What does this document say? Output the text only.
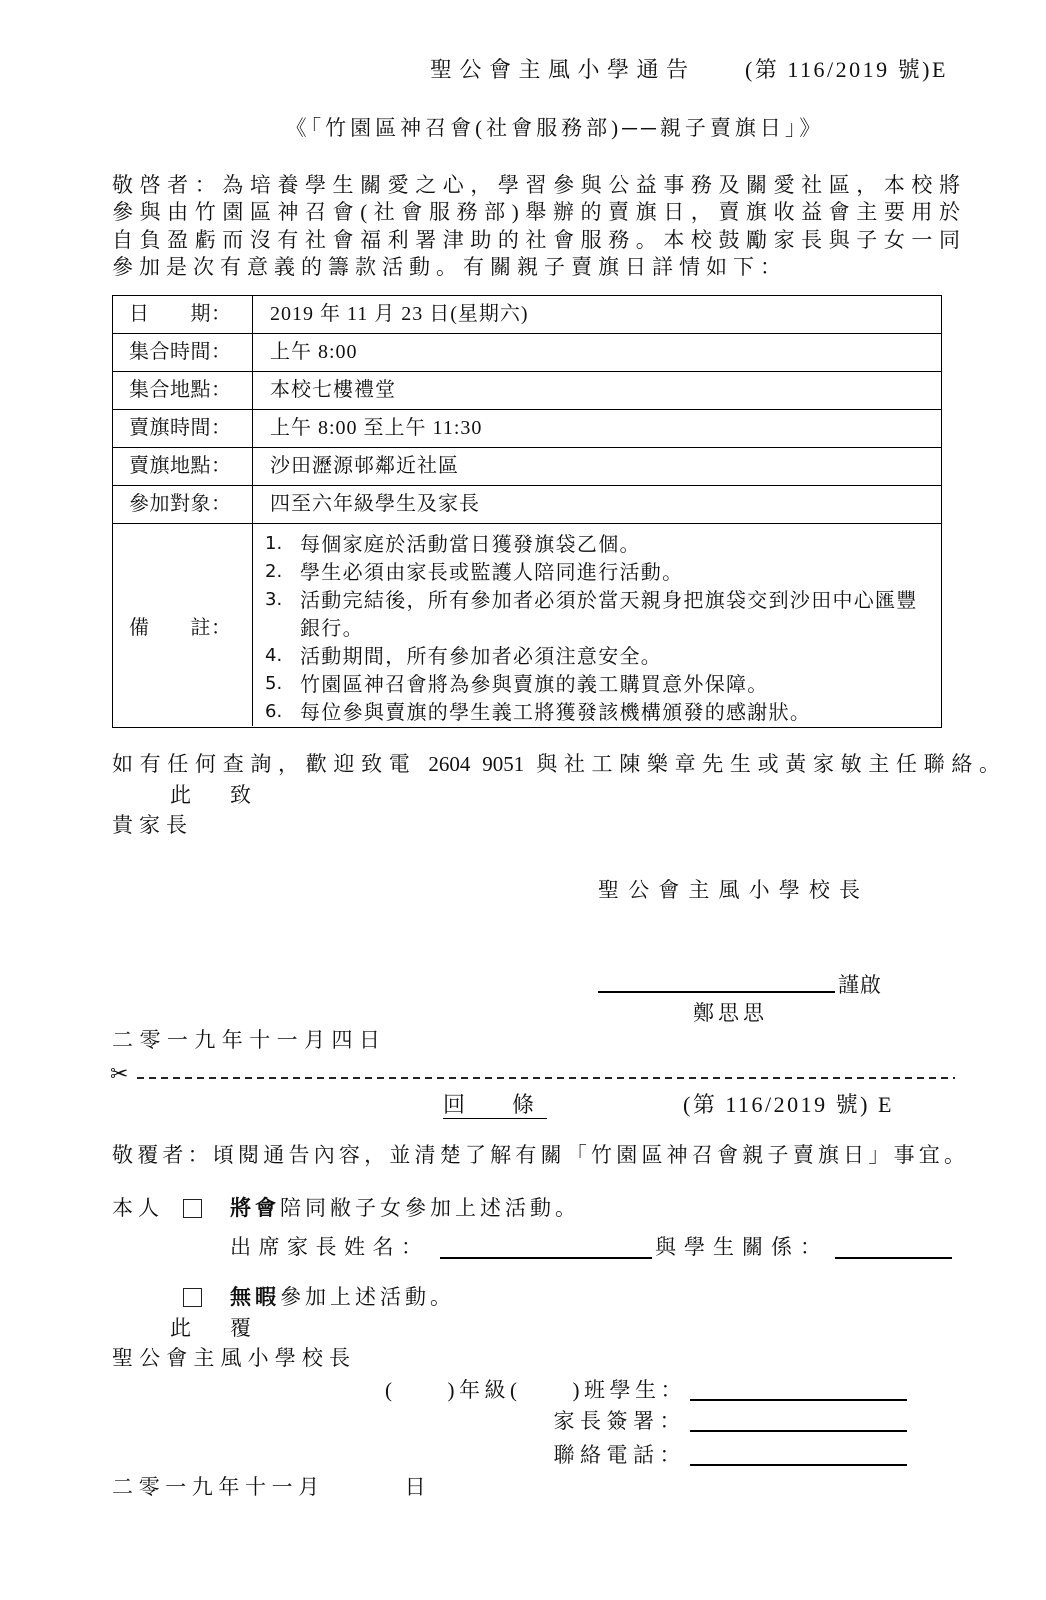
聖公會主風小學通告	(第 116/2019 號)E
《「竹園區神召會(社會服務部)──親子賣旗日」》
敬啓者：為培養學生關愛之心，學習參與公益事務及關愛社區，本校將
參與由竹園區神召會(社會服務部)舉辦的賣旗日，賣旗收益會主要用於
自負盈虧而沒有社會福利署津助的社會服務。本校鼓勵家長與子女一同
參加是次有意義的籌款活動。有關親子賣旗日詳情如下：
日　　期：	2019 年 11 月 23 日(星期六)
集合時間：	上午 8:00
集合地點：	本校七樓禮堂
賣旗時間：	上午 8:00 至上午 11:30
賣旗地點：	沙田瀝源邨鄰近社區
參加對象：	四至六年級學生及家長
備　　註：
1. 每個家庭於活動當日獲發旗袋乙個。
2. 學生必須由家長或監護人陪同進行活動。
3. 活動完結後，所有參加者必須於當天親身把旗袋交到沙田中心匯豐銀行。
4. 活動期間，所有參加者必須注意安全。
5. 竹園區神召會將為參與賣旗的義工購買意外保障。
6. 每位參與賣旗的學生義工將獲發該機構頒發的感謝狀。
如有任何查詢，歡迎致電 2604 9051 與社工陳樂章先生或黃家敏主任聯絡。
此　致
貴家長
聖公會主風小學校長
謹啟
鄭思思
二零一九年十一月四日
✂
回　條	(第 116/2019 號) E
敬覆者：頃閱通告內容，並清楚了解有關「竹園區神召會親子賣旗日」事宜。
本人	將會陪同敝子女參加上述活動。
出席家長姓名：	與學生關係：
無暇參加上述活動。
此　覆
聖公會主風小學校長
(　　)年級(　　)班學生：
家長簽署：
聯絡電話：
二零一九年十一月　　　日
